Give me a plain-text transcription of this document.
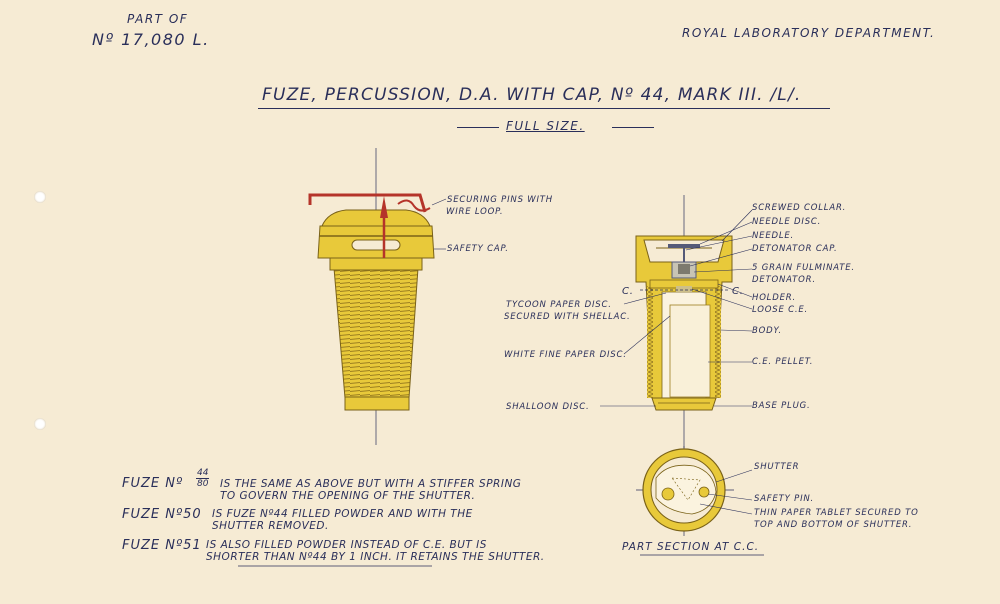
PART OF
Nº 17,080 L.	ROYAL LABORATORY DEPARTMENT.
FUZE, PERCUSSION, D.A. WITH CAP, Nº 44, MARK III. /L/.
FULL SIZE.
SECURING PINS WITH
WIRE LOOP.
SAFETY CAP.
SCREWED COLLAR.
NEEDLE DISC.
NEEDLE.
DETONATOR CAP.
5 GRAIN FULMINATE.
DETONATOR.
HOLDER.
LOOSE C.E.
BODY.
C.E. PELLET.
BASE PLUG.
C.	C.
TYCOON PAPER DISC.
SECURED WITH SHELLAC.
WHITE FINE PAPER DISC.
SHALLOON DISC.
SHUTTER
SAFETY PIN.
THIN PAPER TABLET SECURED TO
TOP AND BOTTOM OF SHUTTER.
PART SECTION AT C.C.
FUZE Nº
44
80 IS THE SAME AS ABOVE BUT WITH A STIFFER SPRING
TO GOVERN THE OPENING OF THE SHUTTER.
FUZE Nº50 IS FUZE Nº44 FILLED POWDER AND WITH THE
SHUTTER REMOVED.
FUZE Nº51 IS ALSO FILLED POWDER INSTEAD OF C.E. BUT IS
SHORTER THAN Nº44 BY 1 INCH. IT RETAINS THE SHUTTER.
